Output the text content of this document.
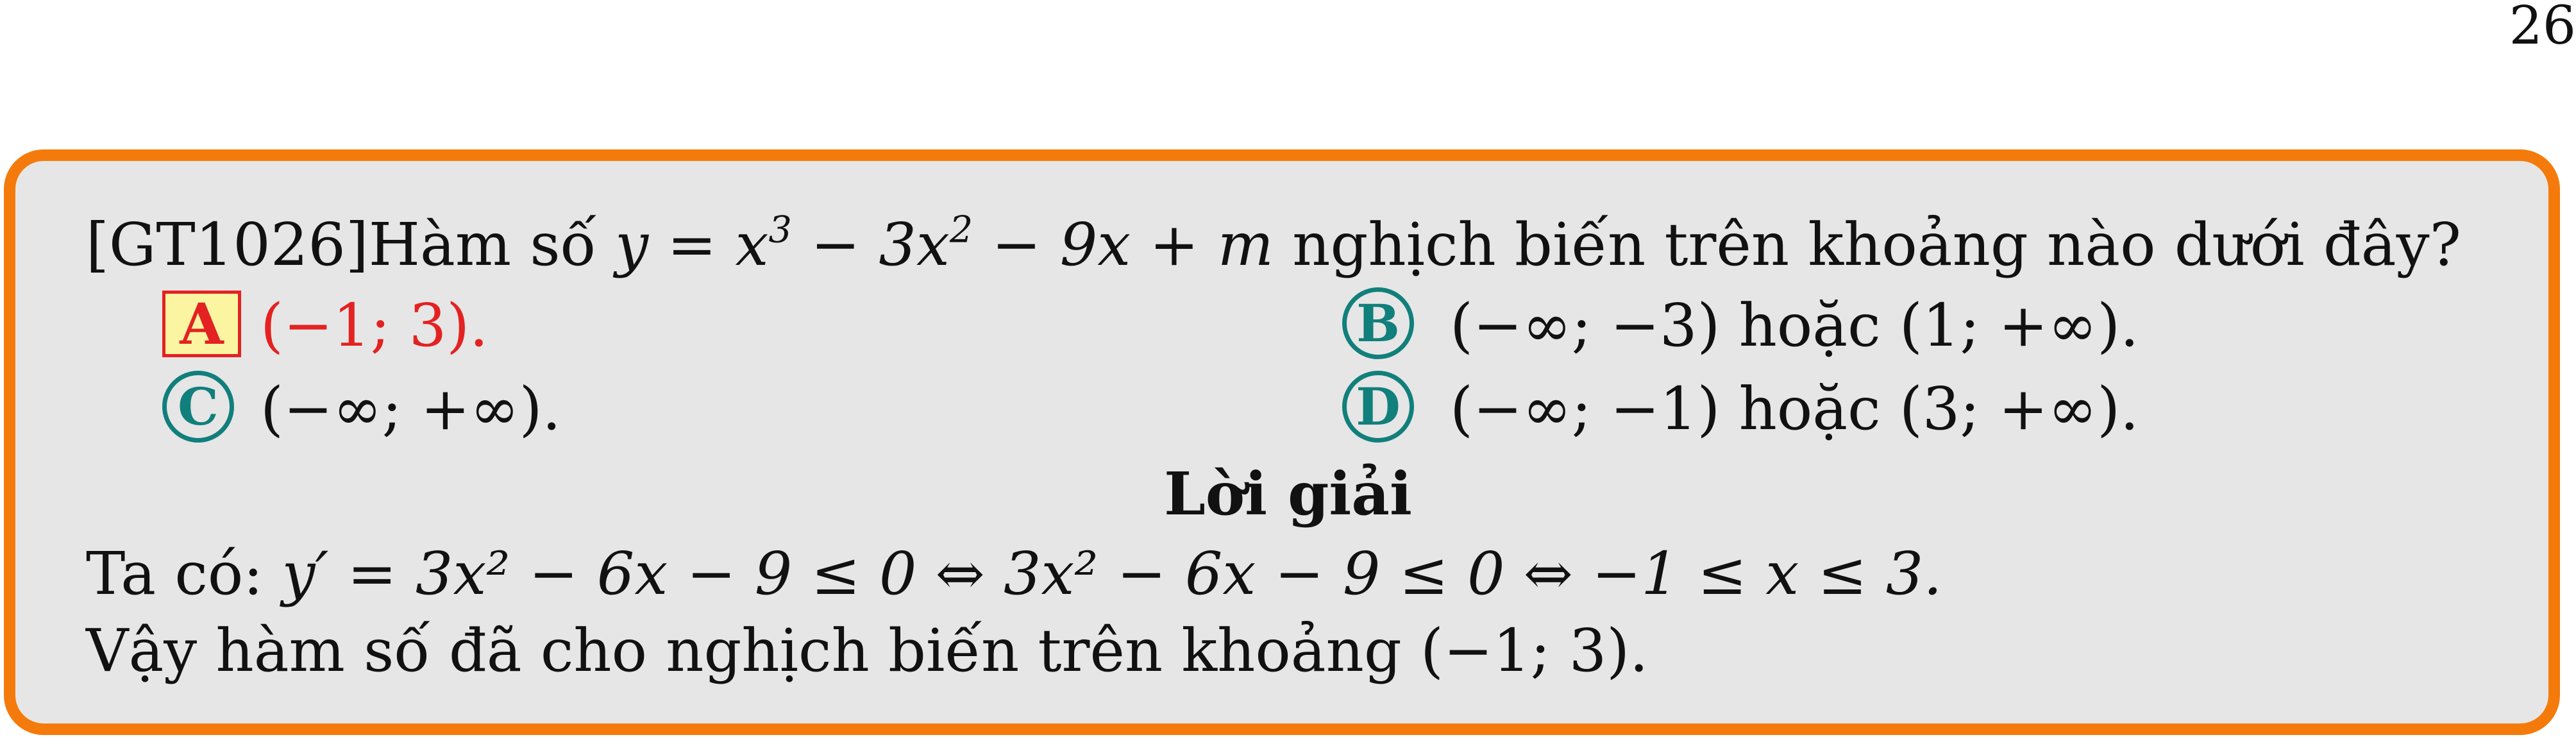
26
[GT1026]Hàm số $y = x^3 - 3x^2 - 9x + m$ nghịch biến trên khoảng nào dưới đây?
A (−1; 3).	B (−∞; −3) hoặc (1; +∞).
C (−∞; +∞).	D (−∞; −1) hoặc (3; +∞).
Lời giải
Ta có: y′ = 3x² − 6x − 9 ≤ 0 ⇔ 3x² − 6x − 9 ≤ 0 ⇔ −1 ≤ x ≤ 3.
Vậy hàm số đã cho nghịch biến trên khoảng (−1; 3).
